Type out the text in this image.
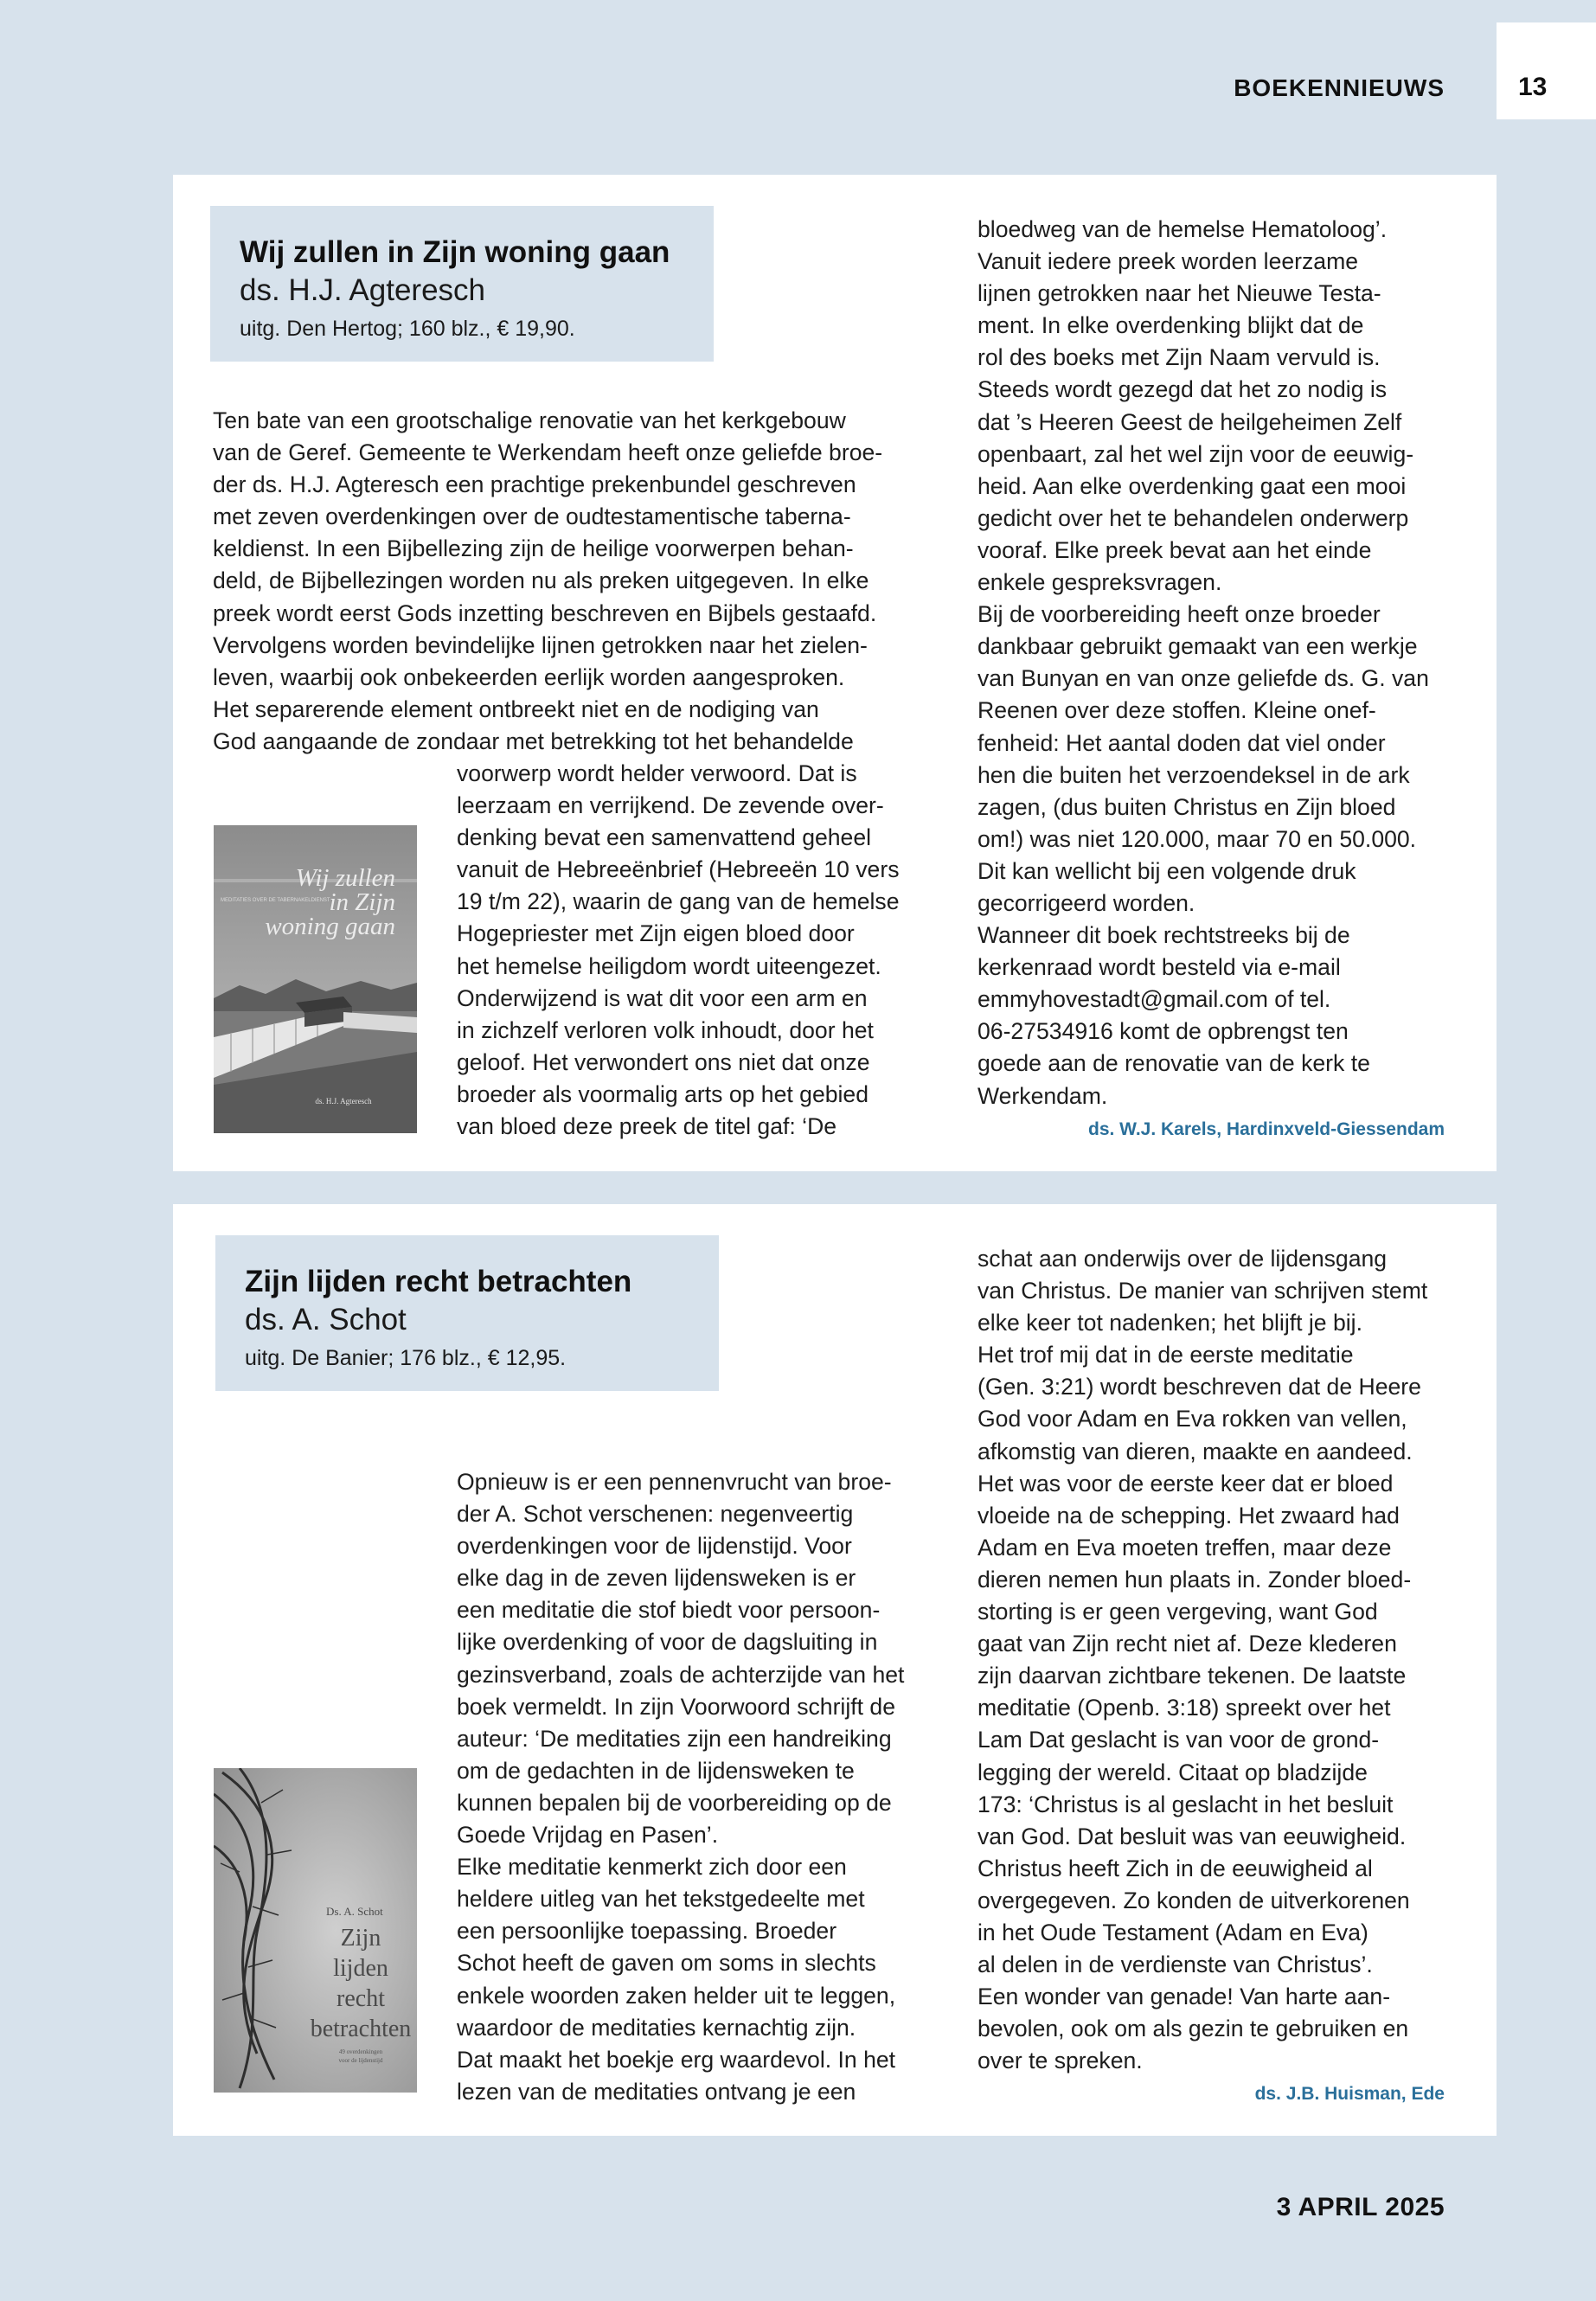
BOEKENNIEUWS	13
Wij zullen in Zijn woning gaan
ds. H.J. Agteresch
uitg. Den Hertog; 160 blz., € 19,90.
Ten bate van een grootschalige renovatie van het kerkgebouw
van de Geref. Gemeente te Werkendam heeft onze geliefde broe-
der ds. H.J. Agteresch een prachtige prekenbundel geschreven
met zeven overdenkingen over de oudtestamentische taberna-
keldienst. In een Bijbellezing zijn de heilige voorwerpen behan-
deld, de Bijbellezingen worden nu als preken uitgegeven. In elke
preek wordt eerst Gods inzetting beschreven en Bijbels gestaafd.
Vervolgens worden bevindelijke lijnen getrokken naar het zielen-
leven, waarbij ook onbekeerden eerlijk worden aangesproken.
Het separerende element ontbreekt niet en de nodiging van
God aangaande de zondaar met betrekking tot het behandelde
voorwerp wordt helder verwoord. Dat is
leerzaam en verrijkend. De zevende over-
denking bevat een samenvattend geheel
vanuit de Hebreeënbrief (Hebreeën 10 vers
19 t/m 22), waarin de gang van de hemelse
Hogepriester met Zijn eigen bloed door
het hemelse heiligdom wordt uiteengezet.
Onderwijzend is wat dit voor een arm en
in zichzelf verloren volk inhoudt, door het
geloof. Het verwondert ons niet dat onze
broeder als voormalig arts op het gebied
van bloed deze preek de titel gaf: ‘De
bloedweg van de hemelse Hematoloog’.
Vanuit iedere preek worden leerzame
lijnen getrokken naar het Nieuwe Testa-
ment. In elke overdenking blijkt dat de
rol des boeks met Zijn Naam vervuld is.
Steeds wordt gezegd dat het zo nodig is
dat ’s Heeren Geest de heilgeheimen Zelf
openbaart, zal het wel zijn voor de eeuwig-
heid. Aan elke overdenking gaat een mooi
gedicht over het te behandelen onderwerp
vooraf. Elke preek bevat aan het einde
enkele gespreksvragen.
Bij de voorbereiding heeft onze broeder
dankbaar gebruikt gemaakt van een werkje
van Bunyan en van onze geliefde ds. G. van
Reenen over deze stoffen. Kleine onef-
fenheid: Het aantal doden dat viel onder
hen die buiten het verzoendeksel in de ark
zagen, (dus buiten Christus en Zijn bloed
om!) was niet 120.000, maar 70 en 50.000.
Dit kan wellicht bij een volgende druk
gecorrigeerd worden.
Wanneer dit boek rechtstreeks bij de
kerkenraad wordt besteld via e-mail
emmyhovestadt@gmail.com of tel.
06-27534916 komt de opbrengst ten
goede aan de renovatie van de kerk te
Werkendam.
Wij zullen
in Zijn
woning gaan
MEDITATIES OVER DE TABERNAKELDIENST
ds. H.J. Agteresch
ds. W.J. Karels, Hardinxveld-Giessendam
Zijn lijden recht betrachten
ds. A. Schot
uitg. De Banier; 176 blz., € 12,95.
Opnieuw is er een pennenvrucht van broe-
der A. Schot verschenen: negenveertig
overdenkingen voor de lijdenstijd. Voor
elke dag in de zeven lijdensweken is er
een meditatie die stof biedt voor persoon-
lijke overdenking of voor de dagsluiting in
gezinsverband, zoals de achterzijde van het
boek vermeldt. In zijn Voorwoord schrijft de
auteur: ‘De meditaties zijn een handreiking
om de gedachten in de lijdensweken te
kunnen bepalen bij de voorbereiding op de
Goede Vrijdag en Pasen’.
Elke meditatie kenmerkt zich door een
heldere uitleg van het tekstgedeelte met
een persoonlijke toepassing. Broeder
Schot heeft de gaven om soms in slechts
enkele woorden zaken helder uit te leggen,
waardoor de meditaties kernachtig zijn.
Dat maakt het boekje erg waardevol. In het
lezen van de meditaties ontvang je een
schat aan onderwijs over de lijdensgang
van Christus. De manier van schrijven stemt
elke keer tot nadenken; het blijft je bij.
Het trof mij dat in de eerste meditatie
(Gen. 3:21) wordt beschreven dat de Heere
God voor Adam en Eva rokken van vellen,
afkomstig van dieren, maakte en aandeed.
Het was voor de eerste keer dat er bloed
vloeide na de schepping. Het zwaard had
Adam en Eva moeten treffen, maar deze
dieren nemen hun plaats in. Zonder bloed-
storting is er geen vergeving, want God
gaat van Zijn recht niet af. Deze klederen
zijn daarvan zichtbare tekenen. De laatste
meditatie (Openb. 3:18) spreekt over het
Lam Dat geslacht is van voor de grond-
legging der wereld. Citaat op bladzijde
173: ‘Christus is al geslacht in het besluit
van God. Dat besluit was van eeuwigheid.
Christus heeft Zich in de eeuwigheid al
overgegeven. Zo konden de uitverkorenen
in het Oude Testament (Adam en Eva)
al delen in de verdienste van Christus’.
Een wonder van genade! Van harte aan-
bevolen, ook om als gezin te gebruiken en
over te spreken.
Ds. A. Schot
Zijn
lijden
recht
betrachten
49 overdenkingen
voor de lijdenstijd
ds. J.B. Huisman, Ede
3 APRIL 2025
